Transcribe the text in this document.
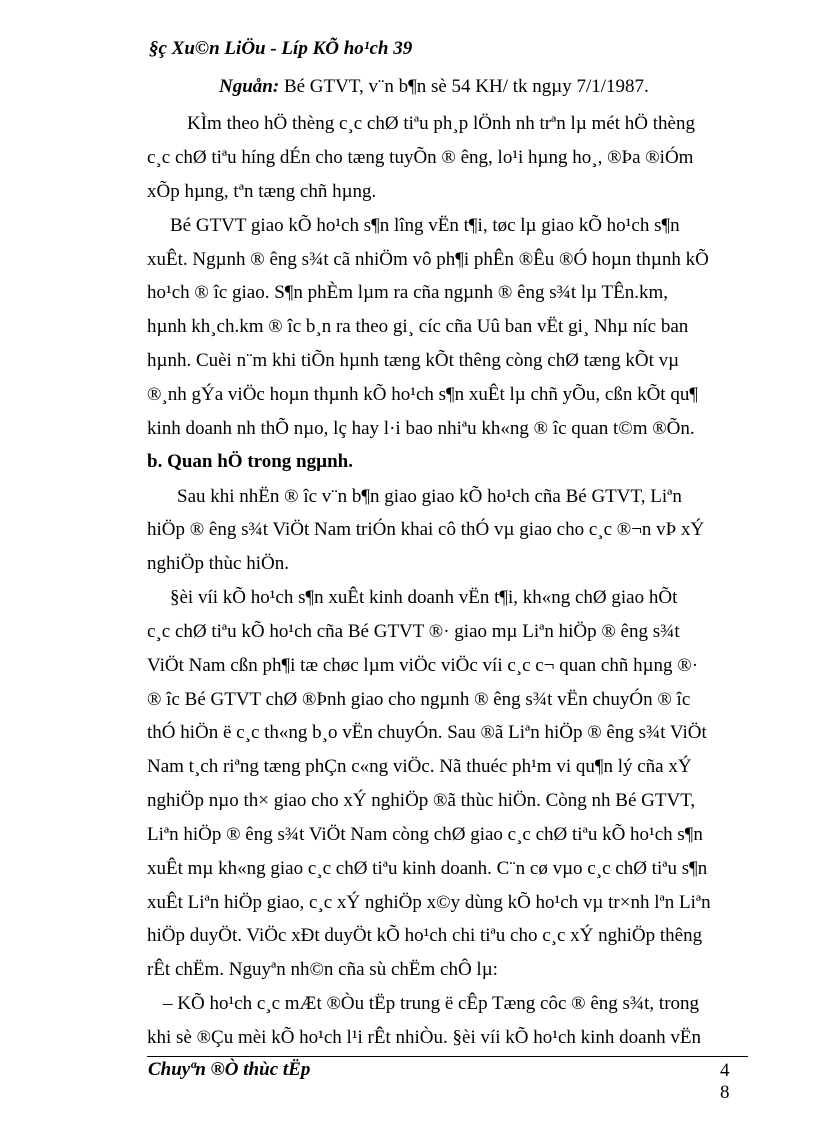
§ç Xu©n LiÖu - Líp KÕ ho¹ch 39
Nguån: Bé GTVT, v¨n b¶n sè 54 KH/ tk ngµy 7/1/1987.
KÌm theo hÖ thèng c¸c chØ tiªu ph¸p lÖnh nh trªn lµ mét hÖ thèng
c¸c chØ tiªu híng dÉn cho tæng tuyÕn ® êng, lo¹i hµng ho¸, ®Þa ®iÓm
xÕp hµng, tªn tæng chñ hµng.
Bé GTVT giao kÕ ho¹ch s¶n lîng vËn t¶i, tøc lµ giao kÕ ho¹ch s¶n
xuÊt. Ngµnh ® êng s¾t cã nhiÖm vô ph¶i phÊn ®Êu ®Ó hoµn thµnh kÕ
ho¹ch ® îc giao. S¶n phÈm lµm ra cña ngµnh ® êng s¾t lµ TÊn.km,
hµnh kh¸ch.km ® îc b¸n ra theo gi¸ cíc cña Uû ban vËt gi¸ Nhµ níc ban
hµnh. Cuèi n¨m khi tiÕn hµnh tæng kÕt thêng còng chØ tæng kÕt vµ
®¸nh gÝa viÖc hoµn thµnh kÕ ho¹ch s¶n xuÊt lµ chñ yÕu, cßn kÕt qu¶
kinh doanh nh thÕ nµo, lç hay l·i bao nhiªu kh«ng ® îc quan t©m ®Õn.
b. Quan hÖ trong ngµnh.
Sau khi nhËn ® îc v¨n b¶n giao giao kÕ ho¹ch cña Bé GTVT, Liªn
hiÖp ® êng s¾t ViÖt Nam triÓn khai cô thÓ vµ giao cho c¸c ®¬n vÞ xÝ
nghiÖp thùc hiÖn.
§èi víi kÕ ho¹ch s¶n xuÊt kinh doanh vËn t¶i, kh«ng chØ giao hÕt
c¸c chØ tiªu kÕ ho¹ch cña Bé GTVT ®· giao mµ Liªn hiÖp ® êng s¾t
ViÖt Nam cßn ph¶i tæ chøc lµm viÖc viÖc víi c¸c c¬ quan chñ hµng ®·
® îc Bé GTVT chØ ®Þnh giao cho ngµnh ® êng s¾t vËn chuyÓn ® îc
thÓ hiÖn ë c¸c th«ng b¸o vËn chuyÓn. Sau ®ã Liªn hiÖp ® êng s¾t ViÖt
Nam t¸ch riªng tæng phÇn c«ng viÖc. Nã thuéc ph¹m vi qu¶n lý cña xÝ
nghiÖp nµo th× giao cho xÝ nghiÖp ®ã thùc hiÖn. Còng nh Bé GTVT,
Liªn hiÖp ® êng s¾t ViÖt Nam còng chØ giao c¸c chØ tiªu kÕ ho¹ch s¶n
xuÊt mµ kh«ng giao c¸c chØ tiªu kinh doanh. C¨n cø vµo c¸c chØ tiªu s¶n
xuÊt Liªn hiÖp giao, c¸c xÝ nghiÖp x©y dùng kÕ ho¹ch vµ tr×nh lªn Liªn
hiÖp duyÖt. ViÖc xÐt duyÖt kÕ ho¹ch chi tiªu cho c¸c xÝ nghiÖp thêng
rÊt chËm. Nguyªn nh©n cña sù chËm chÔ lµ:
– KÕ ho¹ch c¸c mÆt ®Òu tËp trung ë cÊp Tæng côc ® êng s¾t, trong
khi sè ®Çu mèi kÕ ho¹ch l¹i rÊt nhiÒu. §èi víi kÕ ho¹ch kinh doanh vËn
Chuyªn ®Ò thùc tËp	4
8
